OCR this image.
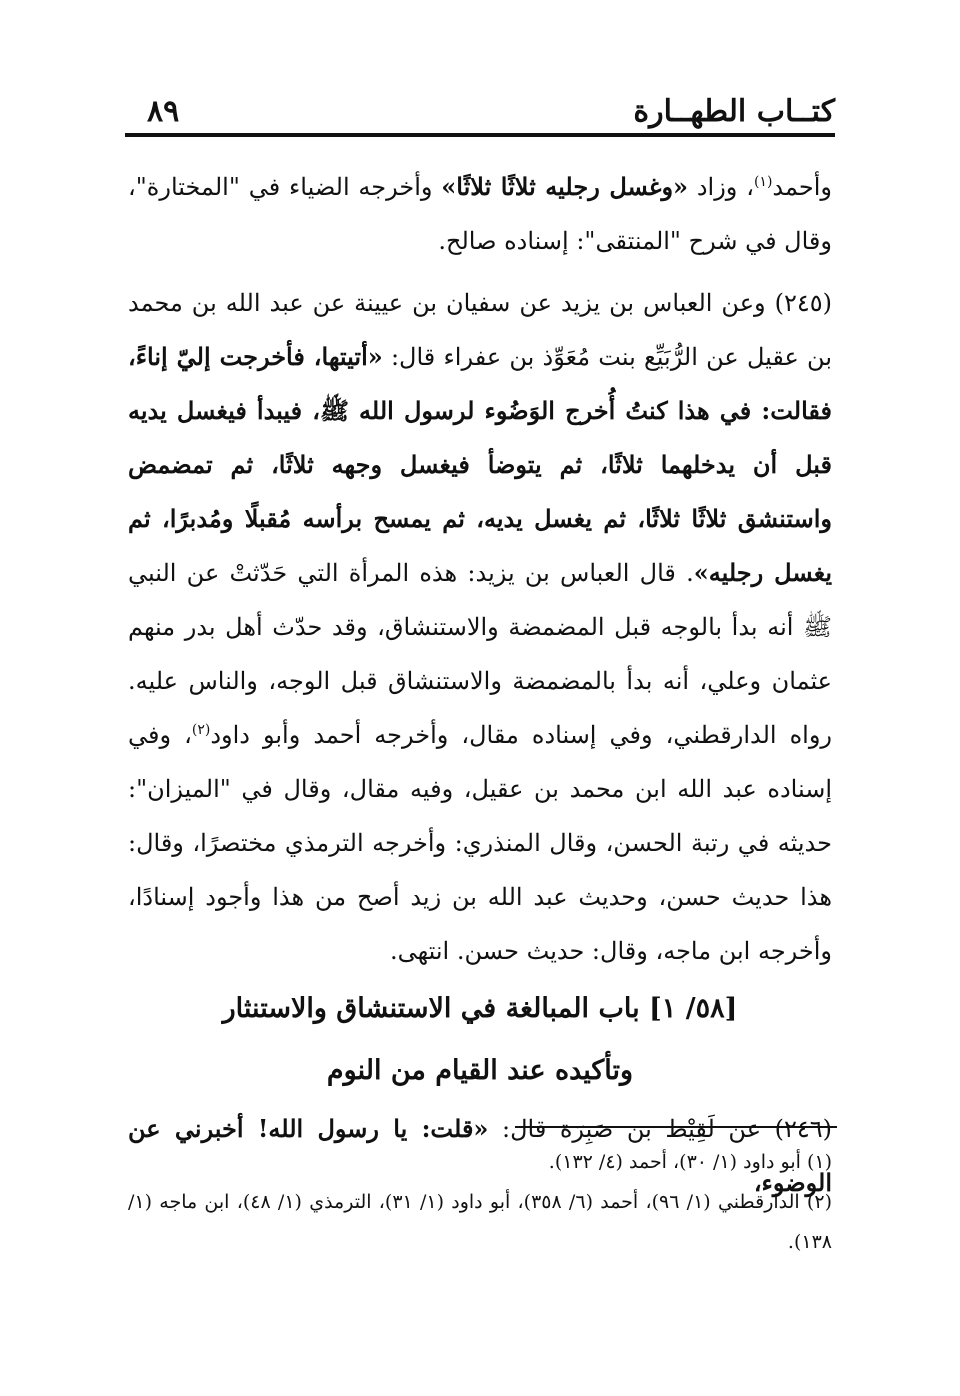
كتــاب الطهــارة
٨٩

وأحمد$^{(١)}$، وزاد «وغسل رجليه ثلاثًا ثلاثًا» وأخرجه الضياء في "المختارة"، وقال في شرح "المنتقى": إسناده صالح.

(٢٤٥) وعن العباس بن يزيد عن سفيان بن عيينة عن عبد الله بن محمد بن عقيل عن الرُّبَيِّع بنت مُعَوِّذ بن عفراء قال: «أتيتها، فأخرجت إليّ إناءً، فقالت: في هذا كنتُ أُخرج الوَضُوء لرسول الله ﷺ، فيبدأ فيغسل يديه قبل أن يدخلهما ثلاثًا، ثم يتوضأ فيغسل وجهه ثلاثًا، ثم تمضمض واستنشق ثلاثًا ثلاثًا، ثم يغسل يديه، ثم يمسح برأسه مُقبلًا ومُدبرًا، ثم يغسل رجليه». قال العباس بن يزيد: هذه المرأة التي حَدّثتْ عن النبي ﷺ أنه بدأ بالوجه قبل المضمضة والاستنشاق، وقد حدّث أهل بدر منهم عثمان وعلي، أنه بدأ بالمضمضة والاستنشاق قبل الوجه، والناس عليه. رواه الدارقطني، وفي إسناده مقال، وأخرجه أحمد وأبو داود$^{(٢)}$، وفي إسناده عبد الله ابن محمد بن عقيل، وفيه مقال، وقال في "الميزان": حديثه في رتبة الحسن، وقال المنذري: وأخرجه الترمذي مختصرًا، وقال: هذا حديث حسن، وحديث عبد الله بن زيد أصح من هذا وأجود إسنادًا، وأخرجه ابن ماجه، وقال: حديث حسن. انتهى.

[٥٨/ ١] باب المبالغة في الاستنشاق والاستنثار

وتأكيده عند القيام من النوم

(٢٤٦) عن لَقِيْط بن صَبِرَة قال: «قلت: يا رسول الله! أخبرني عن الوضوء،

(١) أبو داود (١/ ٣٠)، أحمد (٤/ ١٣٢).

(٢) الدارقطني (١/ ٩٦)، أحمد (٦/ ٣٥٨)، أبو داود (١/ ٣١)، الترمذي (١/ ٤٨)، ابن ماجه (١/ ١٣٨).
